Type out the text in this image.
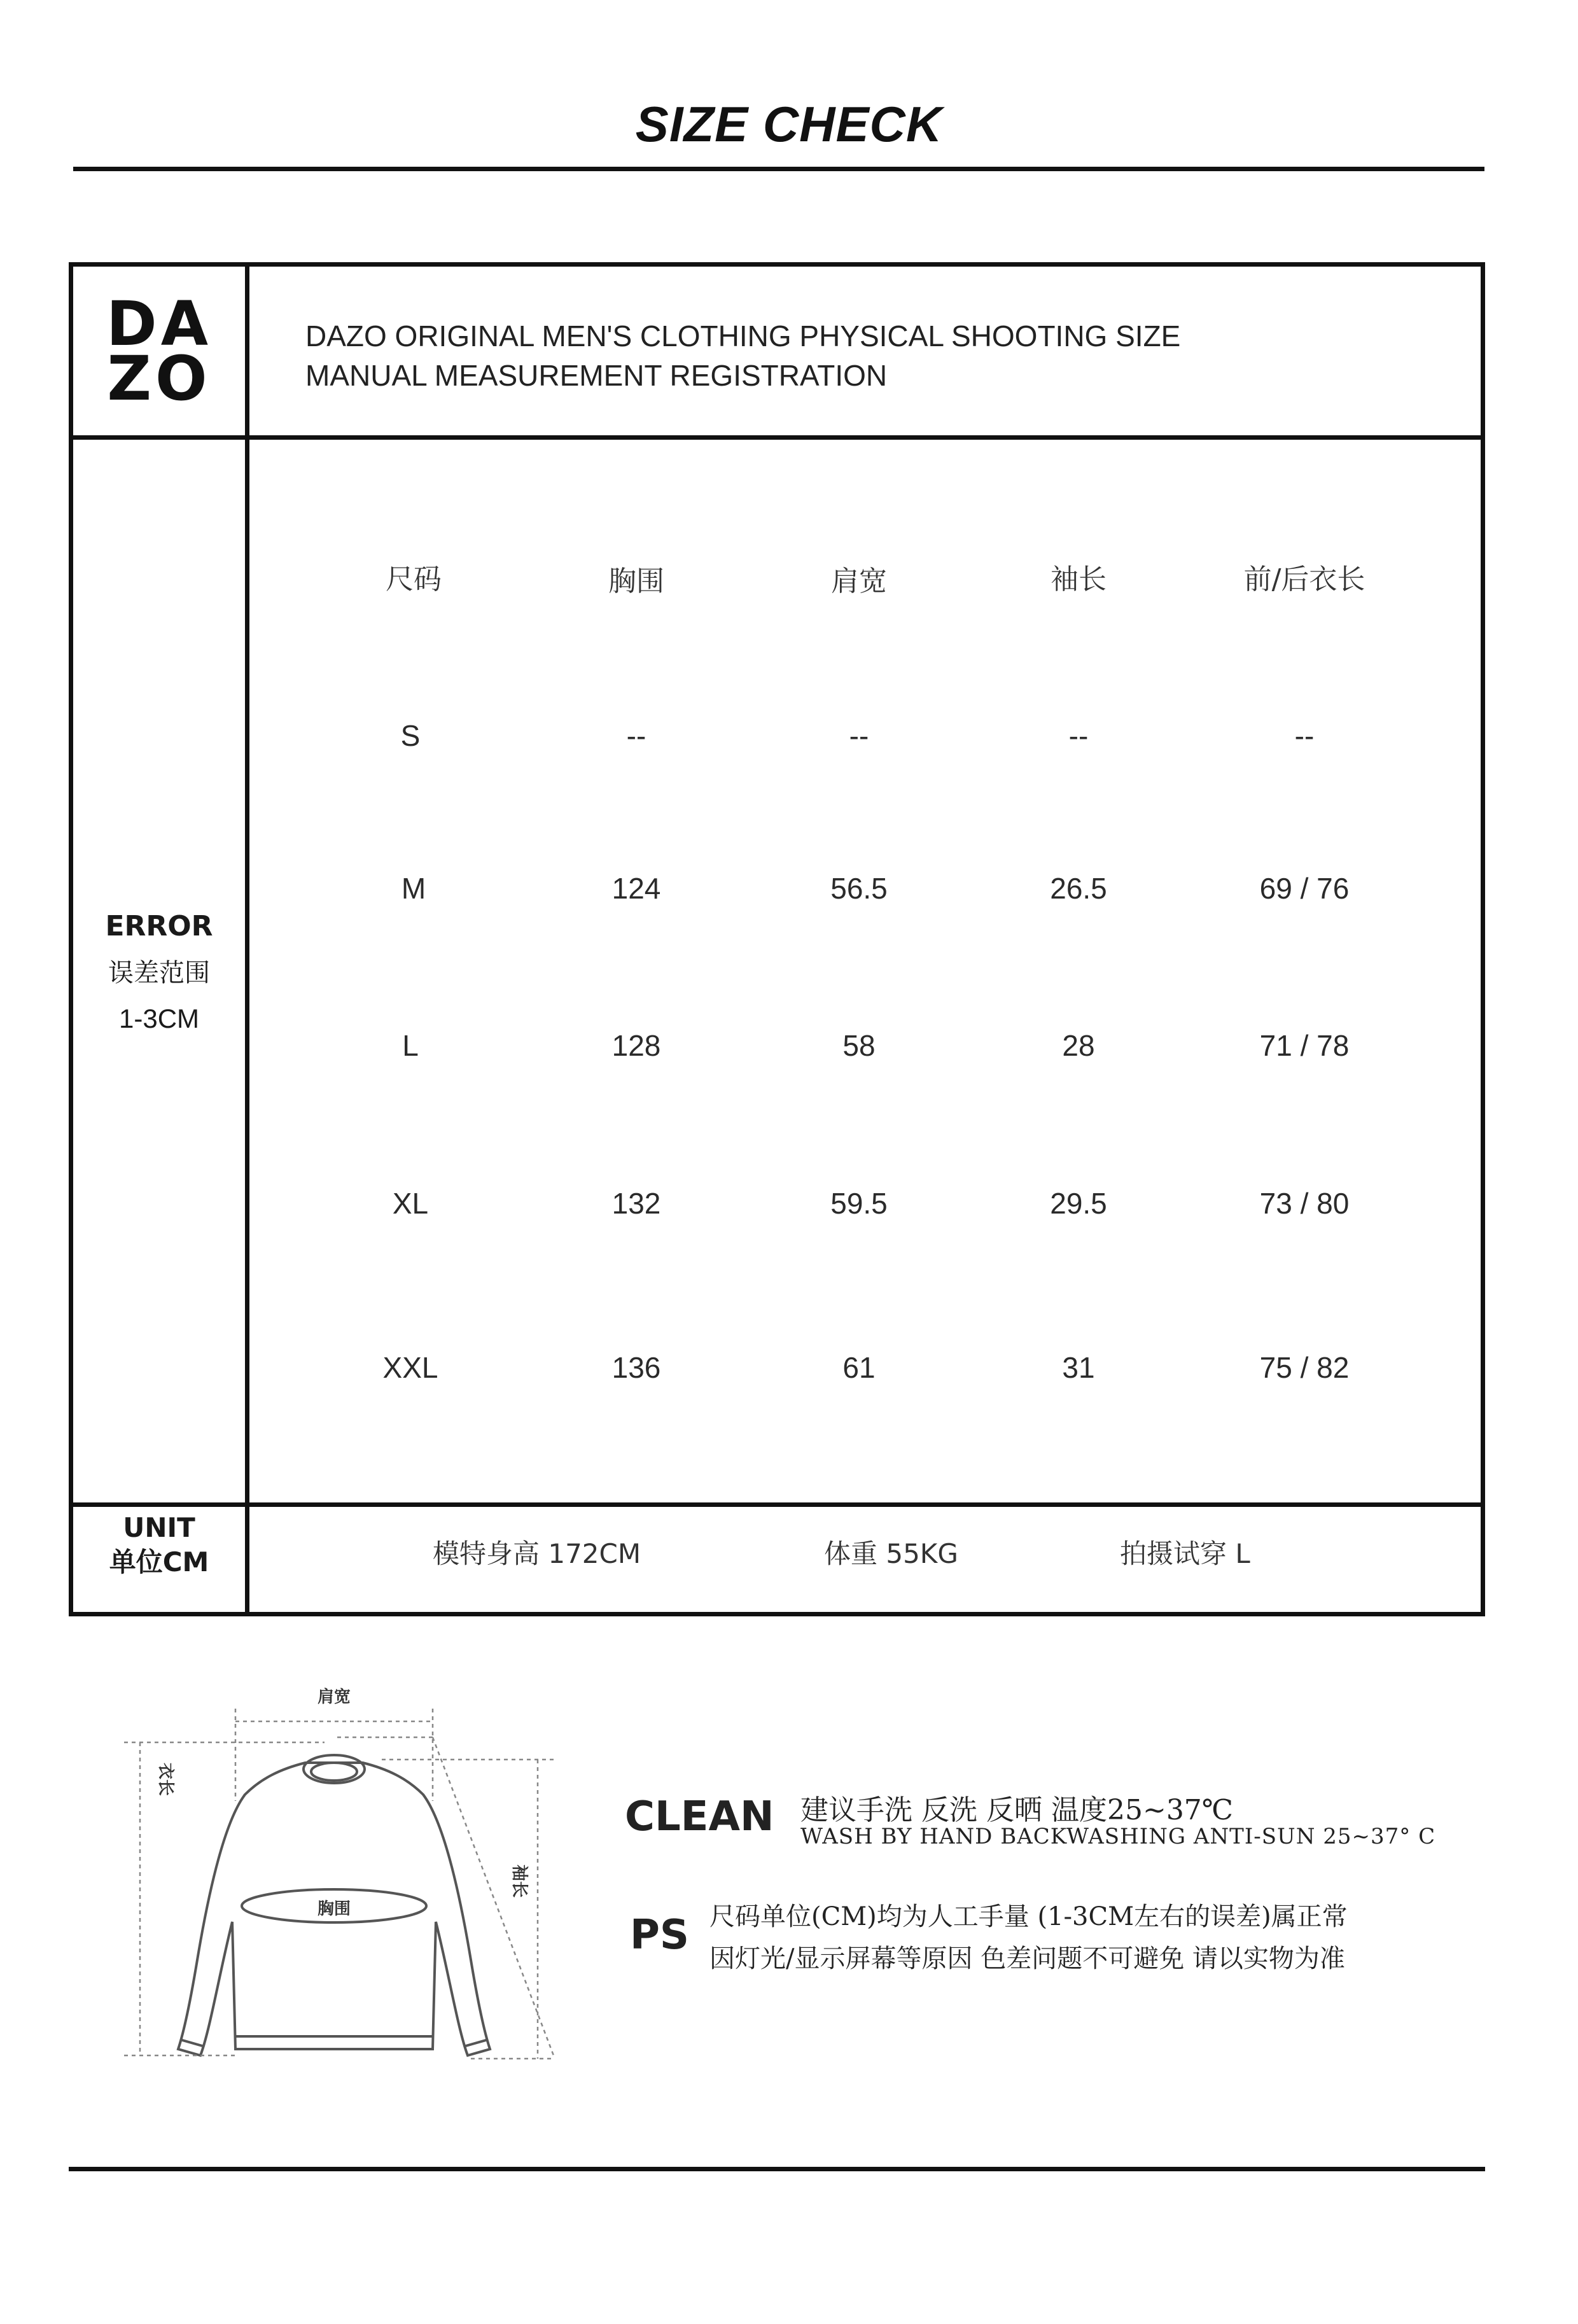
SIZE CHECK
DA
ZO
DAZO ORIGINAL MEN'S CLOTHING PHYSICAL SHOOTING SIZE
MANUAL MEASUREMENT REGISTRATION
ERROR
误差范围
1-3CM
UNIT
单位CM
尺码	胸围	肩宽	袖长	前/后衣长
S	--	--	--	--
M	124	56.5	26.5	69 / 76
L	128	58	28	71 / 78
XL	132	59.5	29.5	73 / 80
XXL	136	61	31	75 / 82
模特身高 172CM	体重 55KG	拍摄试穿 L
肩宽
胸围
衣长
袖长
CLEAN 建议手洗 反洗 反晒 温度25~37℃
WASH BY HAND BACKWASHING ANTI-SUN 25~37° C
PS 尺码单位(CM)均为人工手量 (1-3CM左右的误差)属正常
因灯光/显示屏幕等原因 色差问题不可避免 请以实物为准
